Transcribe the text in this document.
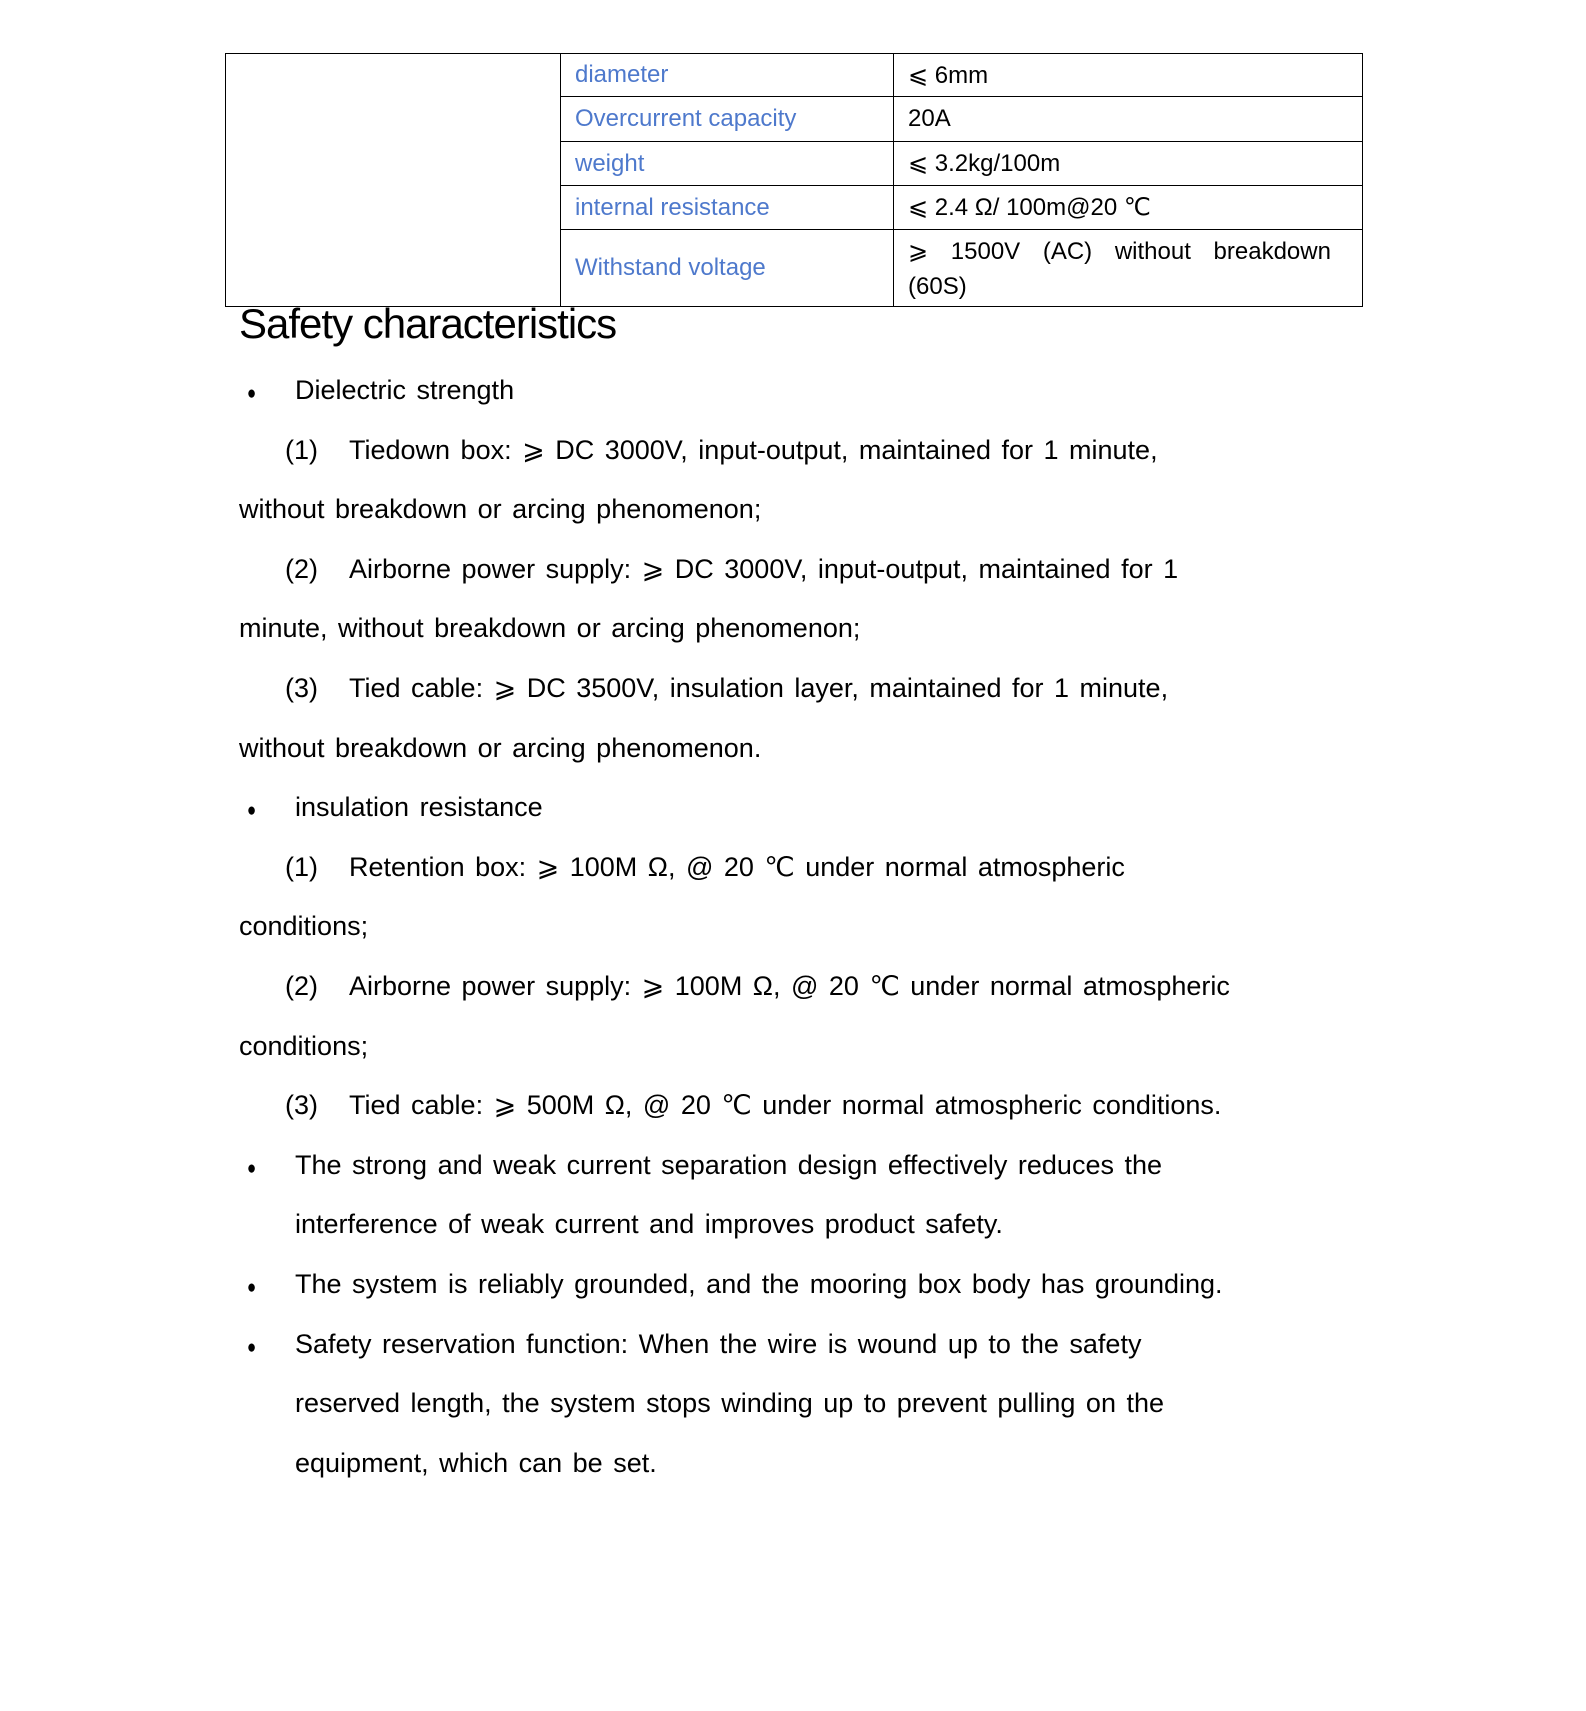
	diameter	⩽ 6mm
	Overcurrent capacity	20A
	weight	⩽ 3.2kg/100m
	internal resistance	⩽ 2.4 Ω/ 100m@20 ℃
	Withstand voltage	⩾ 1500V (AC) without breakdown
(60S)
Safety characteristics
● Dielectric strength
(1) Tiedown box: ⩾ DC 3000V, input-output, maintained for 1 minute,
without breakdown or arcing phenomenon;
(2) Airborne power supply: ⩾ DC 3000V, input-output, maintained for 1
minute, without breakdown or arcing phenomenon;
(3) Tied cable: ⩾ DC 3500V, insulation layer, maintained for 1 minute,
without breakdown or arcing phenomenon.
● insulation resistance
(1) Retention box: ⩾ 100M Ω, @ 20 ℃ under normal atmospheric
conditions;
(2) Airborne power supply: ⩾ 100M Ω, @ 20 ℃ under normal atmospheric
conditions;
(3) Tied cable: ⩾ 500M Ω, @ 20 ℃ under normal atmospheric conditions.
● The strong and weak current separation design effectively reduces the
interference of weak current and improves product safety.
● The system is reliably grounded, and the mooring box body has grounding.
● Safety reservation function: When the wire is wound up to the safety
reserved length, the system stops winding up to prevent pulling on the
equipment, which can be set.
